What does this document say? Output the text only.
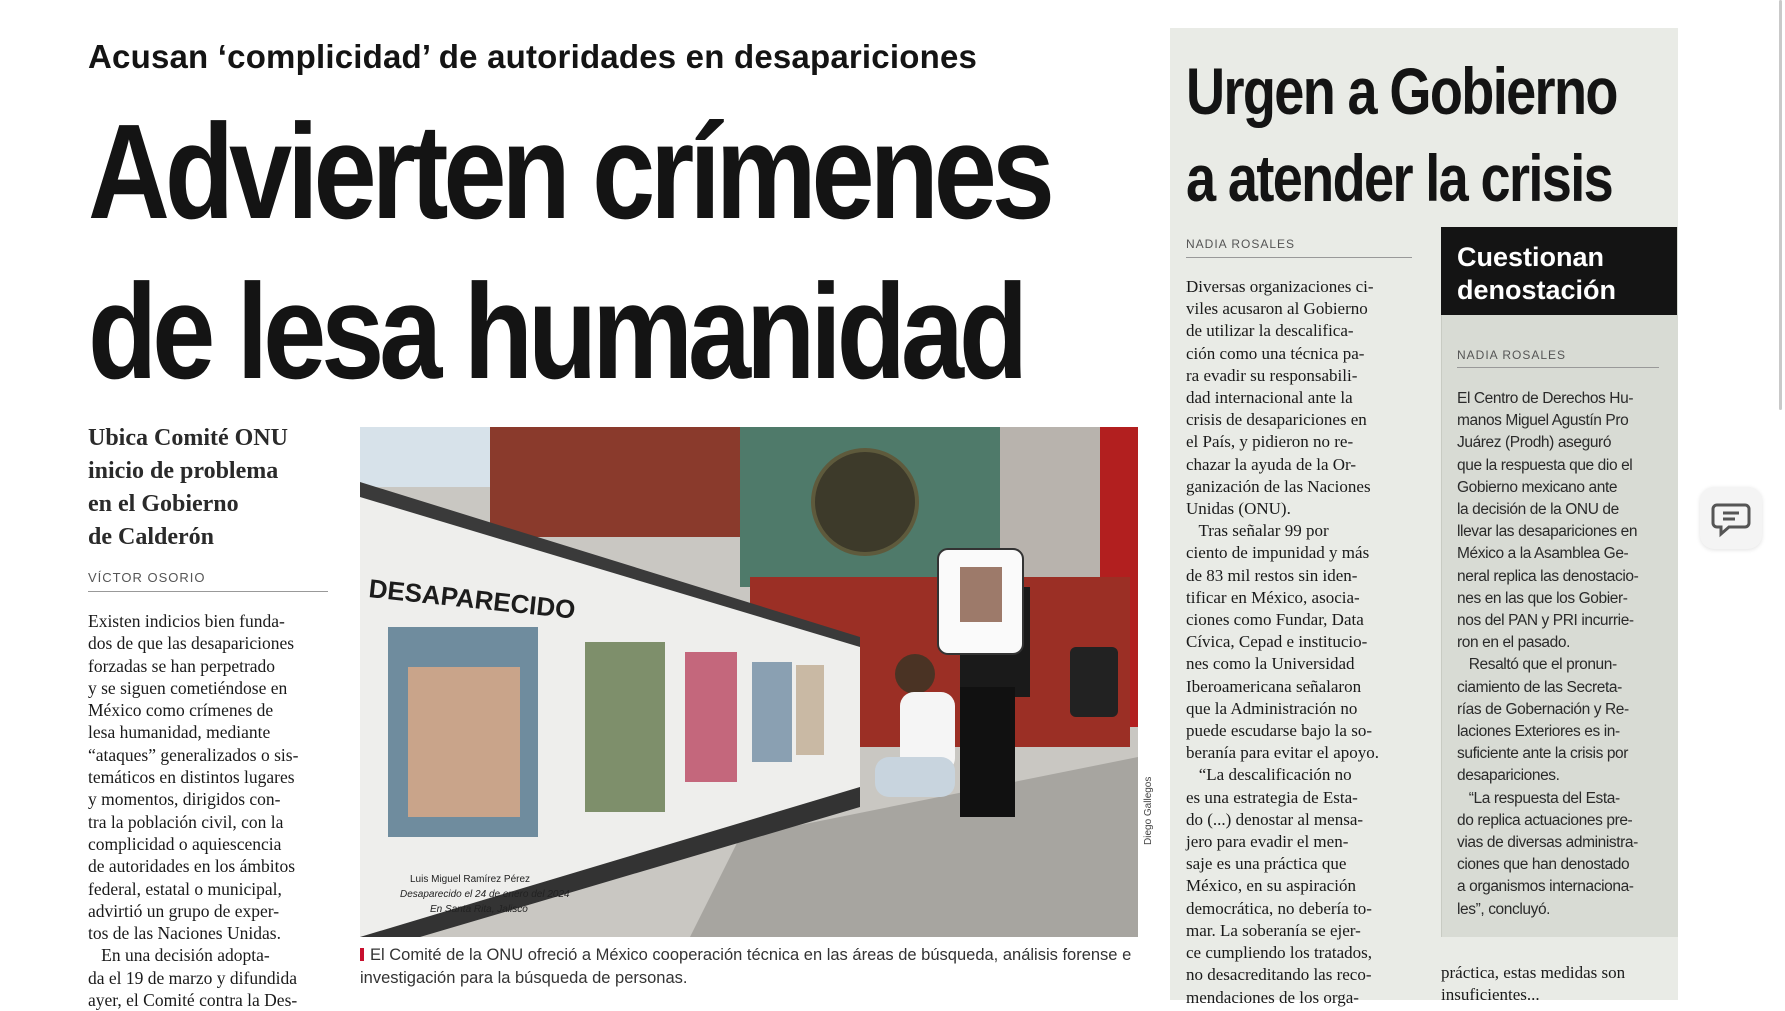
Acusan ‘complicidad’ de autoridades en desapariciones
Advierten crímenes
de lesa humanidad
Ubica Comité ONU
inicio de problema
en el Gobierno
de Calderón
VÍCTOR OSORIO
Existen indicios bien funda-
dos de que las desapariciones
forzadas se han perpetrado
y se siguen cometiéndose en
México como crímenes de
lesa humanidad, mediante
“ataques” generalizados o sis-
temáticos en distintos lugares
y momentos, dirigidos con-
tra la población civil, con la
complicidad o aquiescencia
de autoridades en los ámbitos
federal, estatal o municipal,
advirtió un grupo de exper-
tos de las Naciones Unidas.
En una decisión adopta-
da el 19 de marzo y difundida
ayer, el Comité contra la Des-
DESAPARECIDO
Luis Miguel Ramírez Pérez
Desaparecido el 24 de enero del 2024
En Santa Rita, Jalisco
Diego Gallegos
El Comité de la ONU ofreció a México cooperación técnica en las áreas de búsqueda, análisis forense e investigación para la búsqueda de personas.
Urgen a Gobierno
a atender la crisis
NADIA ROSALES
Diversas organizaciones ci-
viles acusaron al Gobierno
de utilizar la descalifica-
ción como una técnica pa-
ra evadir su responsabili-
dad internacional ante la
crisis de desapariciones en
el País, y pidieron no re-
chazar la ayuda de la Or-
ganización de las Naciones
Unidas (ONU).
Tras señalar 99 por
ciento de impunidad y más
de 83 mil restos sin iden-
tificar en México, asocia-
ciones como Fundar, Data
Cívica, Cepad e institucio-
nes como la Universidad
Iberoamericana señalaron
que la Administración no
puede escudarse bajo la so-
beranía para evitar el apoyo.
“La descalificación no
es una estrategia de Esta-
do (...) denostar al mensa-
jero para evadir el men-
saje es una práctica que
México, en su aspiración
democrática, no debería to-
mar. La soberanía se ejer-
ce cumpliendo los tratados,
no desacreditando las reco-
mendaciones de los orga-
Cuestionan
denostación
NADIA ROSALES
El Centro de Derechos Hu-
manos Miguel Agustín Pro
Juárez (Prodh) aseguró
que la respuesta que dio el
Gobierno mexicano ante
la decisión de la ONU de
llevar las desapariciones en
México a la Asamblea Ge-
neral replica las denostacio-
nes en las que los Gobier-
nos del PAN y PRI incurrie-
ron en el pasado.
Resaltó que el pronun-
ciamiento de las Secreta-
rías de Gobernación y Re-
laciones Exteriores es in-
suficiente ante la crisis por
desapariciones.
“La respuesta del Esta-
do replica actuaciones pre-
vias de diversas administra-
ciones que han denostado
a organismos internaciona-
les”, concluyó.
práctica, estas medidas son
insuficientes...
